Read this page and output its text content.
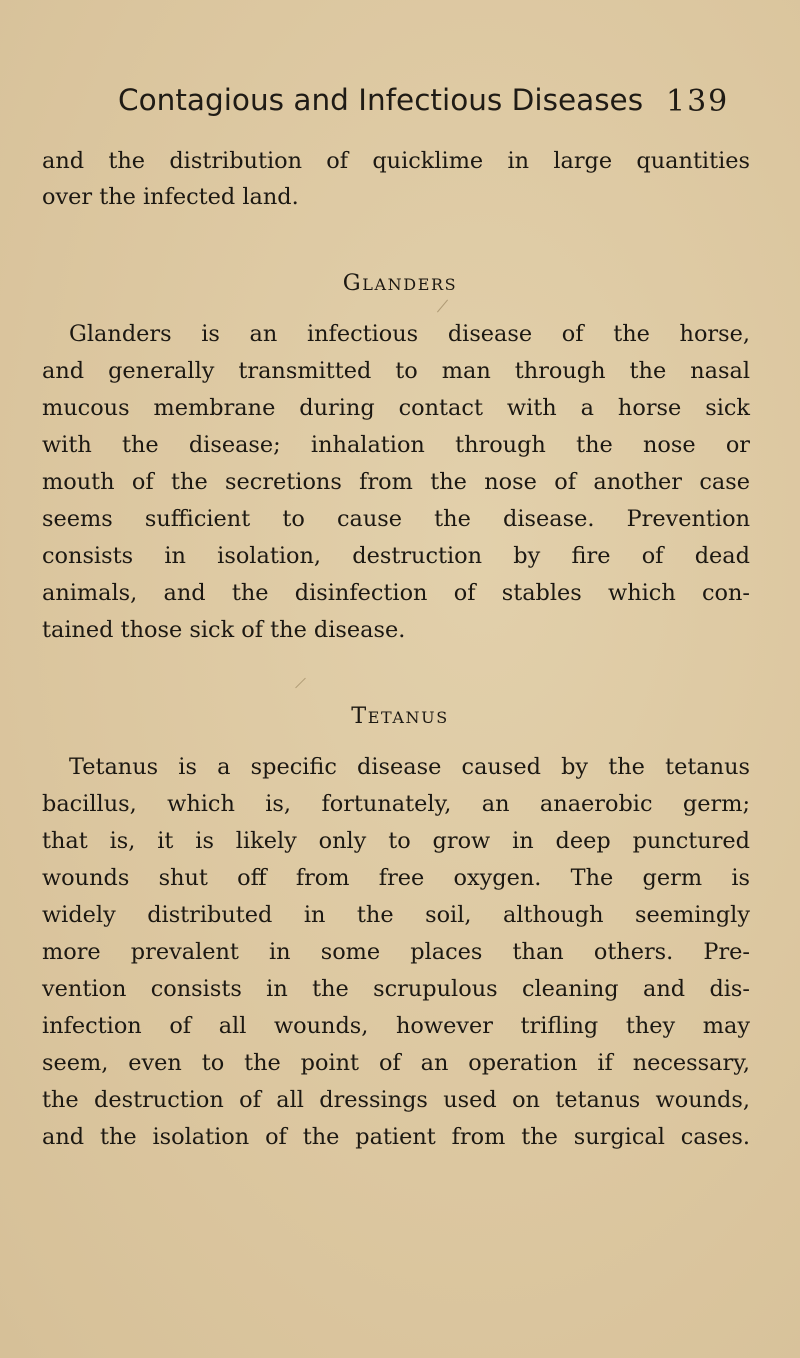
Contagious and Infectious Diseases 139
and the distribution of quicklime in large quantities
over the infected land.
Glanders
Glanders is an infectious disease of the horse,
and generally transmitted to man through the nasal
mucous membrane during contact with a horse sick
with the disease; inhalation through the nose or
mouth of the secretions from the nose of another case
seems sufficient to cause the disease. Prevention
consists in isolation, destruction by fire of dead
animals, and the disinfection of stables which con-
tained those sick of the disease.
Tetanus
Tetanus is a specific disease caused by the tetanus
bacillus, which is, fortunately, an anaerobic germ;
that is, it is likely only to grow in deep punctured
wounds shut off from free oxygen. The germ is
widely distributed in the soil, although seemingly
more prevalent in some places than others. Pre-
vention consists in the scrupulous cleaning and dis-
infection of all wounds, however trifling they may
seem, even to the point of an operation if necessary,
the destruction of all dressings used on tetanus wounds,
and the isolation of the patient from the surgical cases.
